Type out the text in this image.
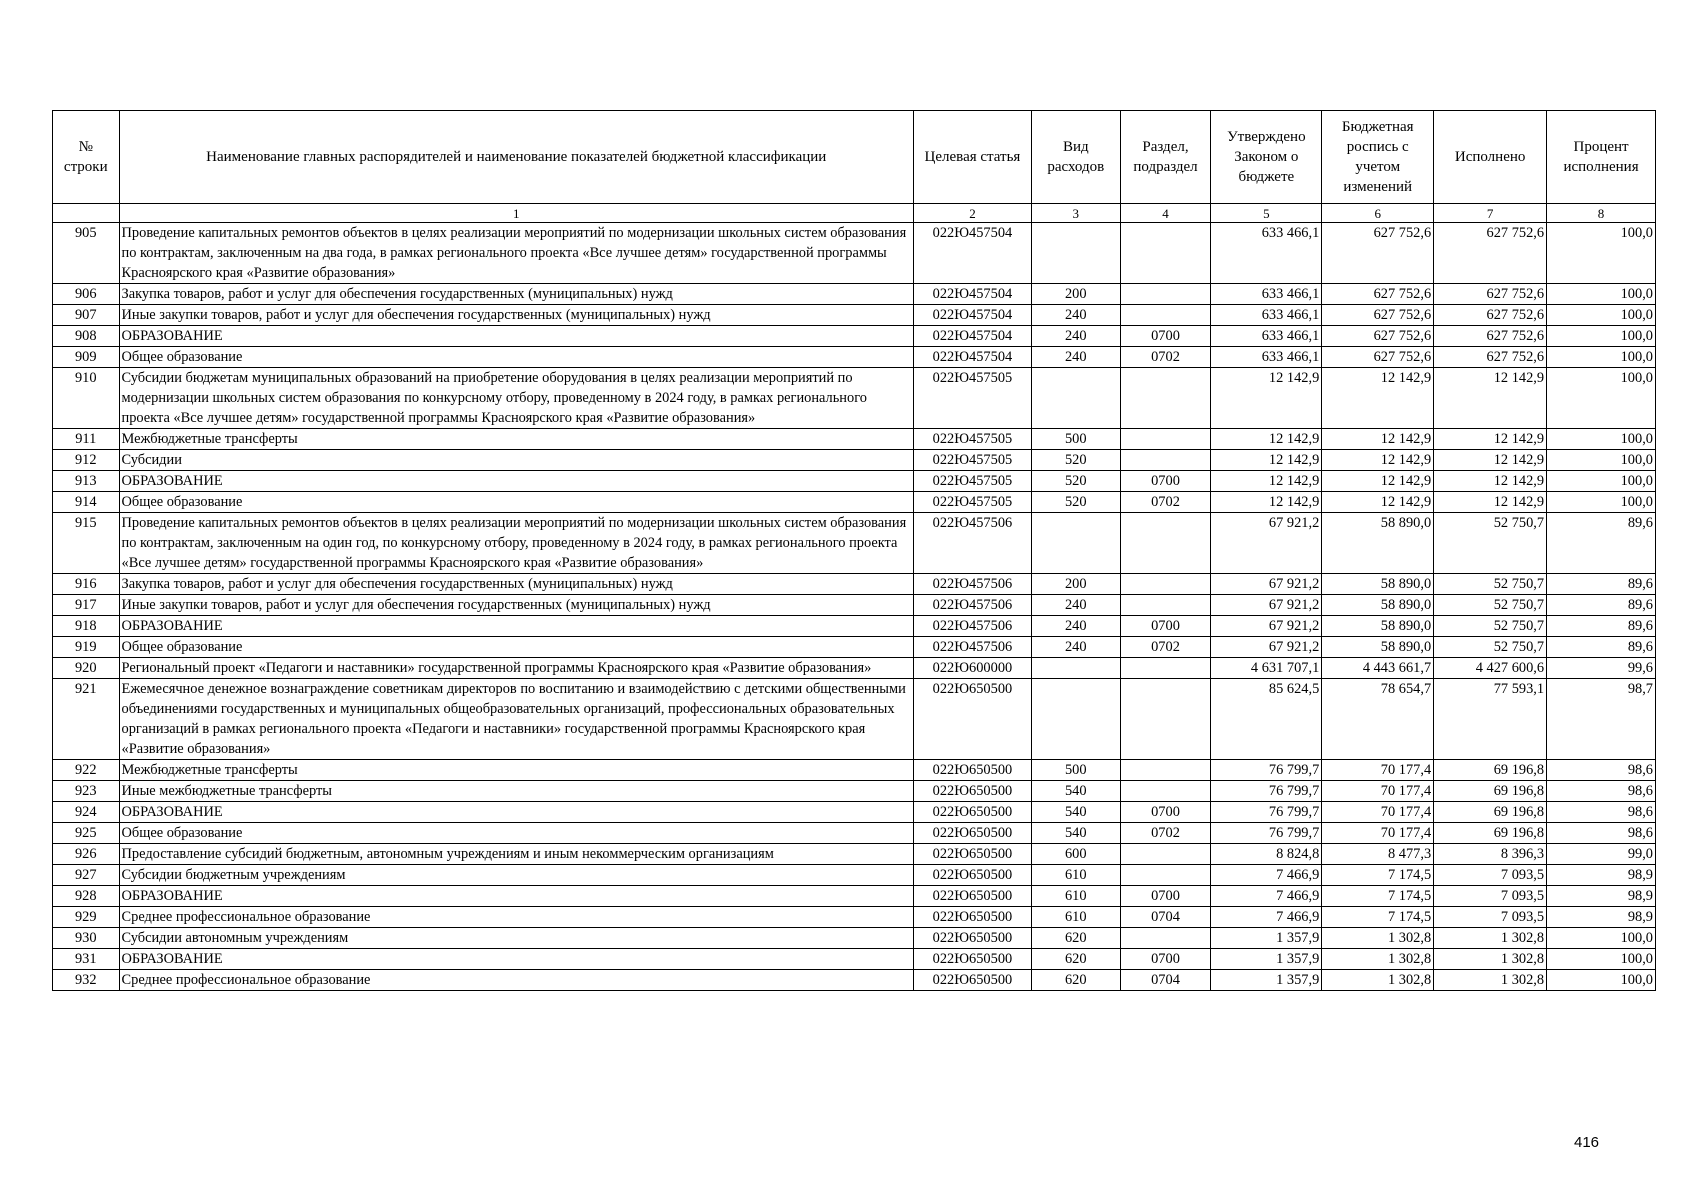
№ строки	Наименование главных распорядителей и наименование показателей бюджетной классификации	Целевая статья	Вид расходов	Раздел, подраздел	Утверждено Законом о бюджете	Бюджетная роспись с учетом изменений	Исполнено	Процент исполнения
	1	2	3	4	5	6	7	8
905	Проведение капитальных ремонтов объектов в целях реализации мероприятий по модернизации школьных систем образования по контрактам, заключенным на два года, в рамках регионального проекта «Все лучшее детям» государственной программы Красноярского края «Развитие образования»	022Ю457504			633 466,1	627 752,6	627 752,6	100,0
906	Закупка товаров, работ и услуг для обеспечения государственных (муниципальных) нужд	022Ю457504	200		633 466,1	627 752,6	627 752,6	100,0
907	Иные закупки товаров, работ и услуг для обеспечения государственных (муниципальных) нужд	022Ю457504	240		633 466,1	627 752,6	627 752,6	100,0
908	ОБРАЗОВАНИЕ	022Ю457504	240	0700	633 466,1	627 752,6	627 752,6	100,0
909	Общее образование	022Ю457504	240	0702	633 466,1	627 752,6	627 752,6	100,0
910	Субсидии бюджетам муниципальных образований на приобретение оборудования в целях реализации мероприятий по модернизации школьных систем образования по конкурсному отбору, проведенному в 2024 году, в рамках регионального проекта «Все лучшее детям» государственной программы Красноярского края «Развитие образования»	022Ю457505			12 142,9	12 142,9	12 142,9	100,0
911	Межбюджетные трансферты	022Ю457505	500		12 142,9	12 142,9	12 142,9	100,0
912	Субсидии	022Ю457505	520		12 142,9	12 142,9	12 142,9	100,0
913	ОБРАЗОВАНИЕ	022Ю457505	520	0700	12 142,9	12 142,9	12 142,9	100,0
914	Общее образование	022Ю457505	520	0702	12 142,9	12 142,9	12 142,9	100,0
915	Проведение капитальных ремонтов объектов в целях реализации мероприятий по модернизации школьных систем образования по контрактам, заключенным на один год, по конкурсному отбору, проведенному в 2024 году, в рамках регионального проекта «Все лучшее детям» государственной программы Красноярского края «Развитие образования»	022Ю457506			67 921,2	58 890,0	52 750,7	89,6
916	Закупка товаров, работ и услуг для обеспечения государственных (муниципальных) нужд	022Ю457506	200		67 921,2	58 890,0	52 750,7	89,6
917	Иные закупки товаров, работ и услуг для обеспечения государственных (муниципальных) нужд	022Ю457506	240		67 921,2	58 890,0	52 750,7	89,6
918	ОБРАЗОВАНИЕ	022Ю457506	240	0700	67 921,2	58 890,0	52 750,7	89,6
919	Общее образование	022Ю457506	240	0702	67 921,2	58 890,0	52 750,7	89,6
920	Региональный проект «Педагоги и наставники» государственной программы Красноярского края «Развитие образования»	022Ю600000			4 631 707,1	4 443 661,7	4 427 600,6	99,6
921	Ежемесячное денежное вознаграждение советникам директоров по воспитанию и взаимодействию с детскими общественными объединениями государственных и муниципальных общеобразовательных организаций, профессиональных образовательных организаций в рамках регионального проекта «Педагоги и наставники» государственной программы Красноярского края «Развитие образования»	022Ю650500			85 624,5	78 654,7	77 593,1	98,7
922	Межбюджетные трансферты	022Ю650500	500		76 799,7	70 177,4	69 196,8	98,6
923	Иные межбюджетные трансферты	022Ю650500	540		76 799,7	70 177,4	69 196,8	98,6
924	ОБРАЗОВАНИЕ	022Ю650500	540	0700	76 799,7	70 177,4	69 196,8	98,6
925	Общее образование	022Ю650500	540	0702	76 799,7	70 177,4	69 196,8	98,6
926	Предоставление субсидий бюджетным, автономным учреждениям и иным некоммерческим организациям	022Ю650500	600		8 824,8	8 477,3	8 396,3	99,0
927	Субсидии бюджетным учреждениям	022Ю650500	610		7 466,9	7 174,5	7 093,5	98,9
928	ОБРАЗОВАНИЕ	022Ю650500	610	0700	7 466,9	7 174,5	7 093,5	98,9
929	Среднее профессиональное образование	022Ю650500	610	0704	7 466,9	7 174,5	7 093,5	98,9
930	Субсидии автономным учреждениям	022Ю650500	620		1 357,9	1 302,8	1 302,8	100,0
931	ОБРАЗОВАНИЕ	022Ю650500	620	0700	1 357,9	1 302,8	1 302,8	100,0
932	Среднее профессиональное образование	022Ю650500	620	0704	1 357,9	1 302,8	1 302,8	100,0
416
